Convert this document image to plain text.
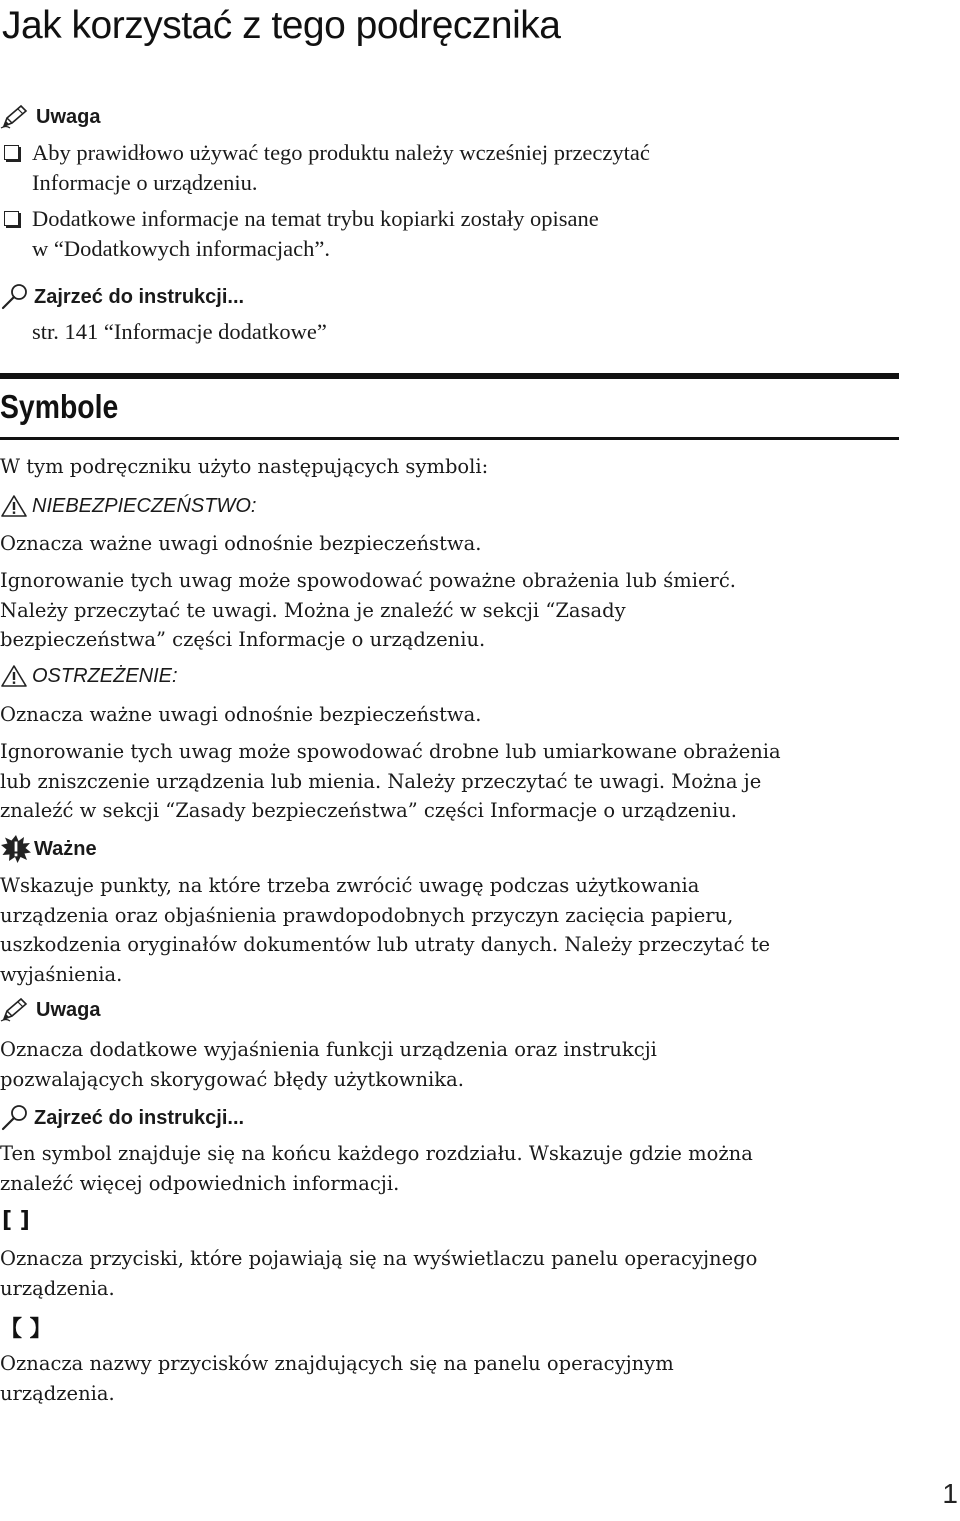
Jak korzystać z tego podręcznika
Uwaga
Aby prawidłowo używać tego produktu należy wcześniej przeczytać
Informacje o urządzeniu.
Dodatkowe informacje na temat trybu kopiarki zostały opisane
w “Dodatkowych informacjach”.
Zajrzeć do instrukcji...
str. 141 “Informacje dodatkowe”
Symbole
W tym podręczniku użyto następujących symboli:
NIEBEZPIECZEŃSTWO:
Oznacza ważne uwagi odnośnie bezpieczeństwa.
Ignorowanie tych uwag może spowodować poważne obrażenia lub śmierć.
Należy przeczytać te uwagi. Można je znaleźć w sekcji “Zasady
bezpieczeństwa” części Informacje o urządzeniu.
OSTRZEŻENIE:
Oznacza ważne uwagi odnośnie bezpieczeństwa.
Ignorowanie tych uwag może spowodować drobne lub umiarkowane obrażenia
lub zniszczenie urządzenia lub mienia. Należy przeczytać te uwagi. Można je
znaleźć w sekcji “Zasady bezpieczeństwa” części Informacje o urządzeniu.
Ważne
Wskazuje punkty, na które trzeba zwrócić uwagę podczas użytkowania
urządzenia oraz objaśnienia prawdopodobnych przyczyn zacięcia papieru,
uszkodzenia oryginałów dokumentów lub utraty danych. Należy przeczytać te
wyjaśnienia.
Uwaga
Oznacza dodatkowe wyjaśnienia funkcji urządzenia oraz instrukcji
pozwalających skorygować błędy użytkownika.
Zajrzeć do instrukcji...
Ten symbol znajduje się na końcu każdego rozdziału. Wskazuje gdzie można
znaleźć więcej odpowiednich informacji.
[ ]
Oznacza przyciski, które pojawiają się na wyświetlaczu panelu operacyjnego
urządzenia.
【 】
Oznacza nazwy przycisków znajdujących się na panelu operacyjnym
urządzenia.
1
